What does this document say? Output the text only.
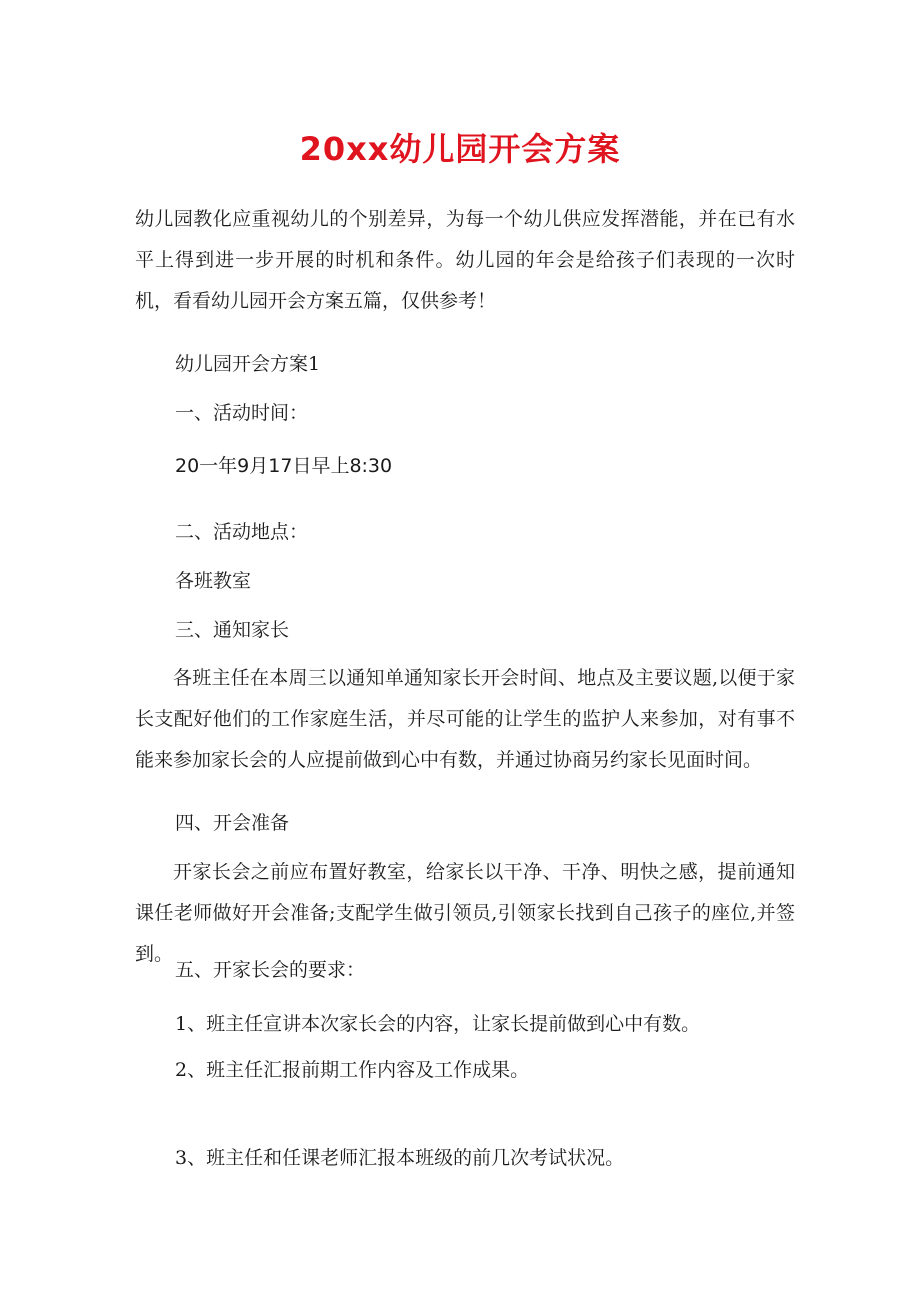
20xx幼儿园开会方案

幼儿园教化应重视幼儿的个别差异，为每一个幼儿供应发挥潜能，并在已有水平上得到进一步开展的时机和条件。幼儿园的年会是给孩子们表现的一次时机，看看幼儿园开会方案五篇，仅供参考！

幼儿园开会方案1

一、活动时间：

20一年9月17日早上8:30

二、活动地点：

各班教室

三、通知家长

各班主任在本周三以通知单通知家长开会时间、地点及主要议题,以便于家长支配好他们的工作家庭生活，并尽可能的让学生的监护人来参加，对有事不能来参加家长会的人应提前做到心中有数，并通过协商另约家长见面时间。

四、开会准备

开家长会之前应布置好教室，给家长以干净、干净、明快之感，提前通知课任老师做好开会准备;支配学生做引领员,引领家长找到自己孩子的座位,并签到。

五、开家长会的要求：

1、班主任宣讲本次家长会的内容，让家长提前做到心中有数。

2、班主任汇报前期工作内容及工作成果。

3、班主任和任课老师汇报本班级的前几次考试状况。
